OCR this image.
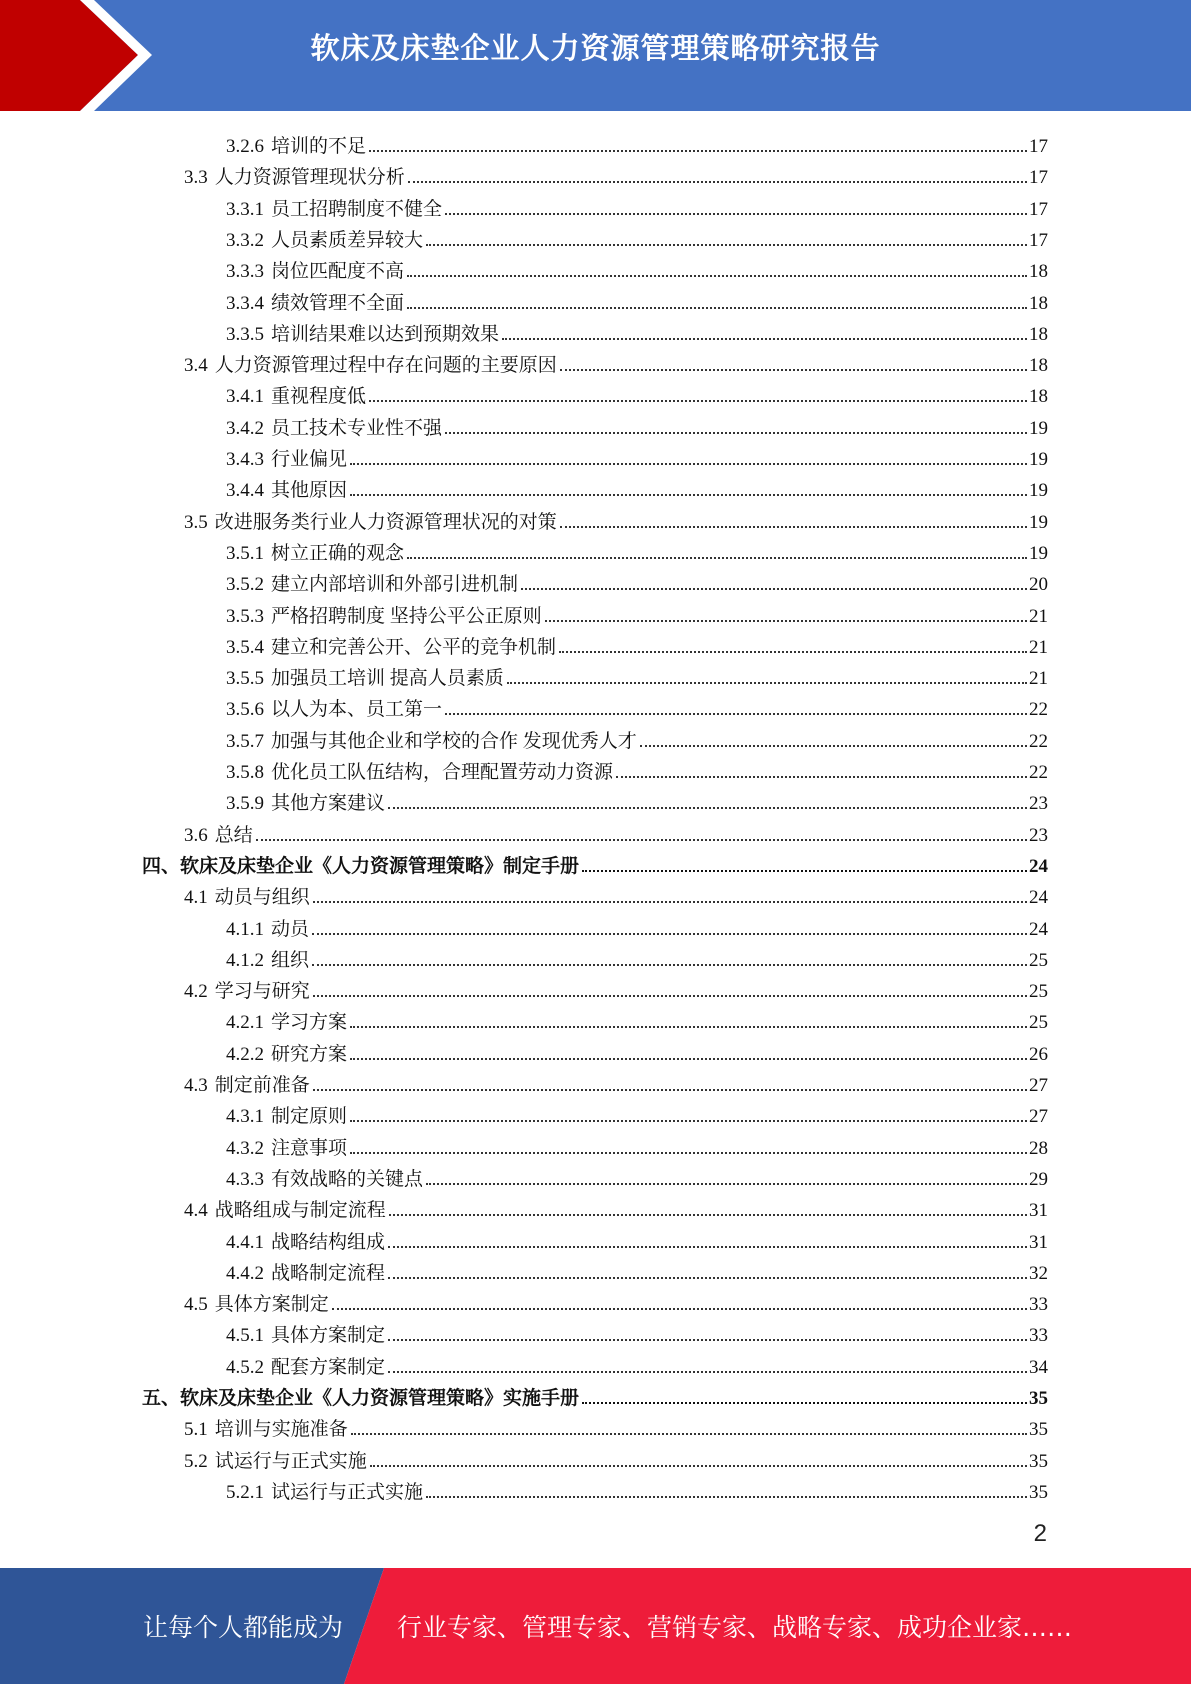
软床及床垫企业人力资源管理策略研究报告
3.2.6 培训的不足	17
3.3 人力资源管理现状分析	17
3.3.1 员工招聘制度不健全	17
3.3.2 人员素质差异较大	17
3.3.3 岗位匹配度不高	18
3.3.4 绩效管理不全面	18
3.3.5 培训结果难以达到预期效果	18
3.4 人力资源管理过程中存在问题的主要原因	18
3.4.1 重视程度低	18
3.4.2 员工技术专业性不强	19
3.4.3 行业偏见	19
3.4.4 其他原因	19
3.5 改进服务类行业人力资源管理状况的对策	19
3.5.1 树立正确的观念	19
3.5.2 建立内部培训和外部引进机制	20
3.5.3 严格招聘制度 坚持公平公正原则	21
3.5.4 建立和完善公开、公平的竞争机制	21
3.5.5 加强员工培训 提高人员素质	21
3.5.6 以人为本、员工第一	22
3.5.7 加强与其他企业和学校的合作 发现优秀人才	22
3.5.8 优化员工队伍结构，合理配置劳动力资源	22
3.5.9 其他方案建议	23
3.6 总结	23
四、软床及床垫企业《人力资源管理策略》制定手册	24
4.1 动员与组织	24
4.1.1 动员	24
4.1.2 组织	25
4.2 学习与研究	25
4.2.1 学习方案	25
4.2.2 研究方案	26
4.3 制定前准备	27
4.3.1 制定原则	27
4.3.2 注意事项	28
4.3.3 有效战略的关键点	29
4.4 战略组成与制定流程	31
4.4.1 战略结构组成	31
4.4.2 战略制定流程	32
4.5 具体方案制定	33
4.5.1 具体方案制定	33
4.5.2 配套方案制定	34
五、软床及床垫企业《人力资源管理策略》实施手册	35
5.1 培训与实施准备	35
5.2 试运行与正式实施	35
5.2.1 试运行与正式实施	35
2
让每个人都能成为 行业专家、管理专家、营销专家、战略专家、成功企业家……
